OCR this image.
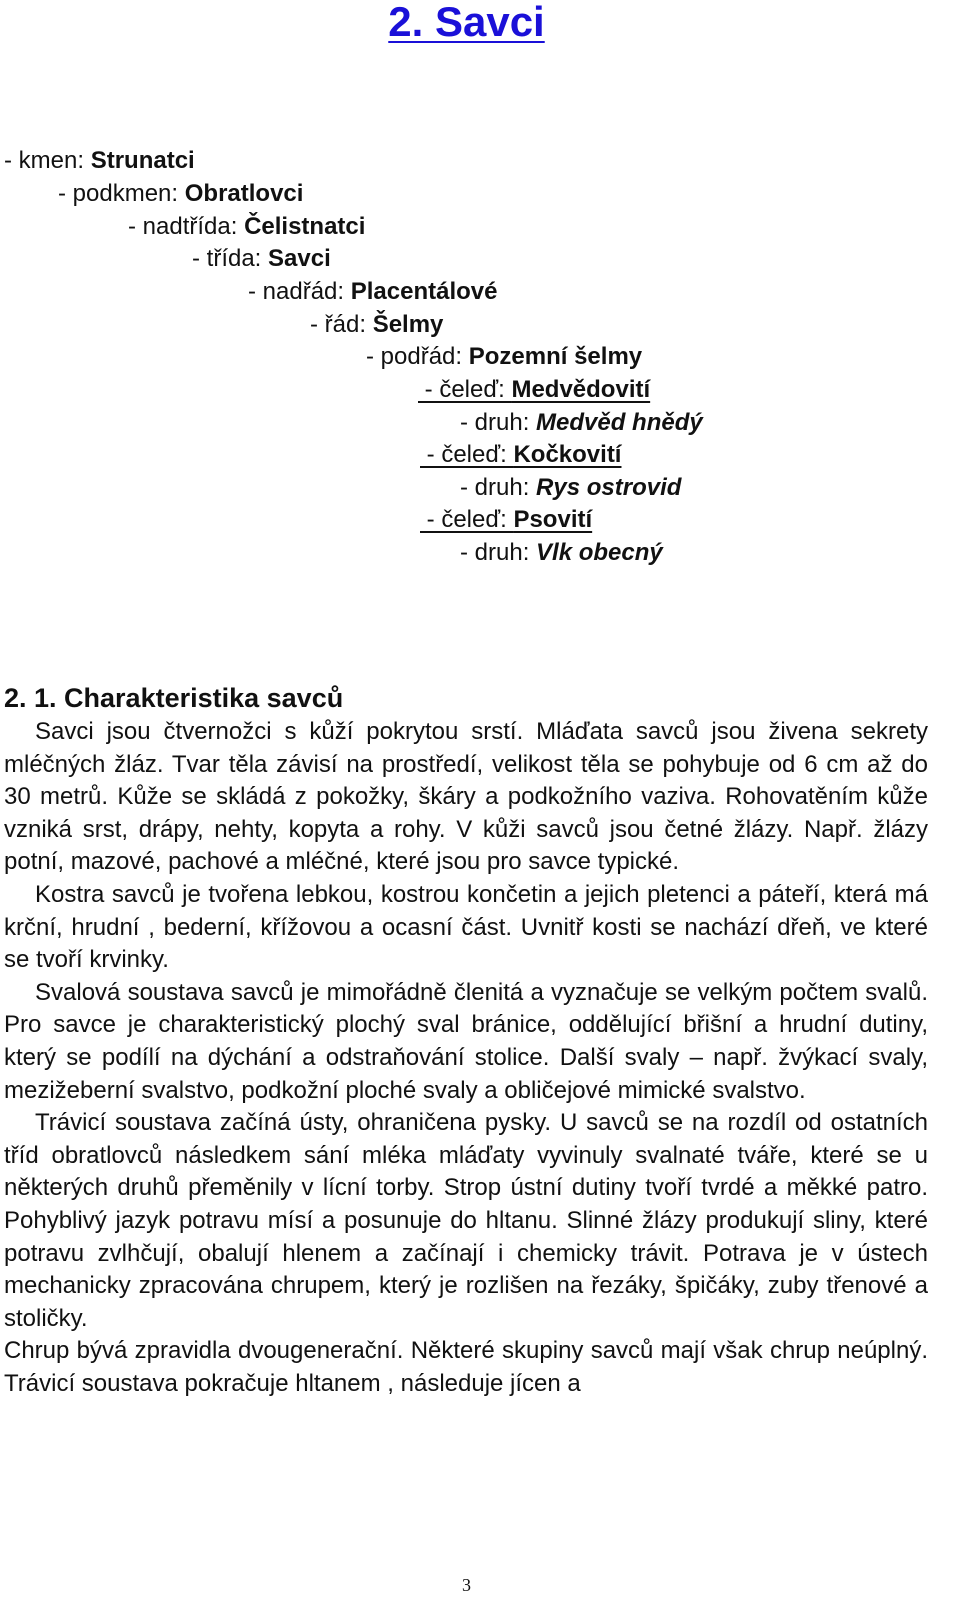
2. Savci
- kmen: Strunatci
- podkmen: Obratlovci
- nadtřída: Čelistnatci
- třída: Savci
- nadřád: Placentálové
- řád: Šelmy
- podřád: Pozemní šelmy
- čeleď: Medvědovití
- druh: Medvěd hnědý
- čeleď: Kočkovití
- druh: Rys ostrovid
- čeleď: Psovití
- druh: Vlk obecný
2. 1. Charakteristika savců

Savci jsou čtvernožci s kůží pokrytou srstí. Mláďata savců jsou živena sekrety mléčných žláz. Tvar těla závisí na prostředí, velikost těla se pohybuje od 6 cm až do 30 metrů. Kůže se skládá z pokožky, škáry a podkožního vaziva. Rohovatěním kůže vzniká srst, drápy, nehty, kopyta a rohy. V kůži savců jsou četné žlázy. Např. žlázy potní, mazové, pachové a mléčné, které jsou pro savce typické.

Kostra savců je tvořena lebkou, kostrou končetin a jejich pletenci a páteří, která má krční, hrudní , bederní, křížovou a ocasní část. Uvnitř kosti se nachází dřeň, ve které se tvoří krvinky.

Svalová soustava savců je mimořádně členitá a vyznačuje se velkým počtem svalů. Pro savce je charakteristický plochý sval bránice, oddělující břišní a hrudní dutiny, který se podílí na dýchání a odstraňování stolice. Další svaly – např. žvýkací svaly, mezižeberní svalstvo, podkožní ploché svaly a obličejové mimické svalstvo.

Trávicí soustava začíná ústy, ohraničena pysky. U savců se na rozdíl od ostatních tříd obratlovců následkem sání mléka mláďaty vyvinuly svalnaté tváře, které se u některých druhů přeměnily v lícní torby. Strop ústní dutiny tvoří tvrdé a měkké patro. Pohyblivý jazyk potravu mísí a posunuje do hltanu. Slinné žlázy produkují sliny, které potravu zvlhčují, obalují hlenem a začínají i chemicky trávit. Potrava je v ústech mechanicky zpracována chrupem, který je rozlišen na řezáky, špičáky, zuby třenové a stoličky.

Chrup bývá zpravidla dvougenerační. Některé skupiny savců mají však chrup neúplný. Trávicí soustava pokračuje hltanem , následuje jícen a

3
